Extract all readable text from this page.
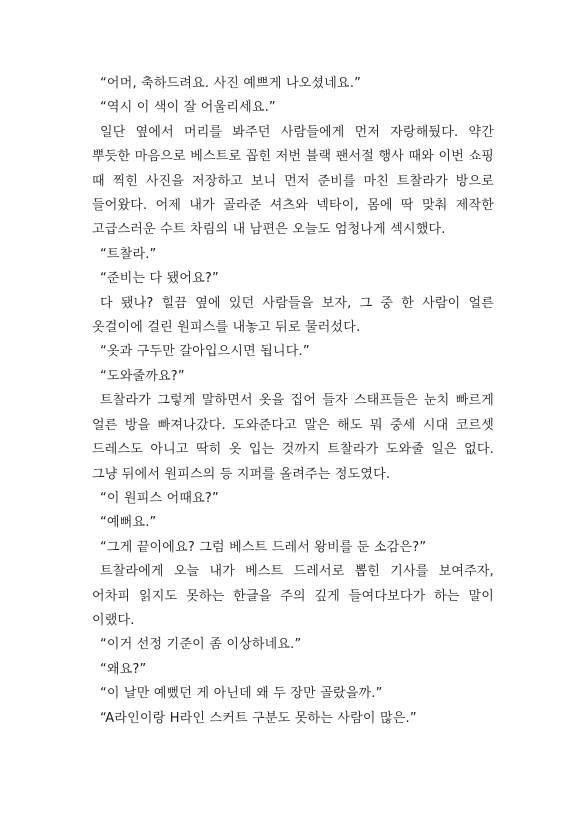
“어머, 축하드려요. 사진 예쁘게 나오셨네요.”

“역시 이 색이 잘 어울리세요.”

일단 옆에서 머리를 봐주던 사람들에게 먼저 자랑해뒀다. 약간 뿌듯한 마음으로 베스트로 꼽힌 저번 블랙 팬서절 행사 때와 이번 쇼핑 때 찍힌 사진을 저장하고 보니 먼저 준비를 마친 트찰라가 방으로 들어왔다. 어제 내가 골라준 셔츠와 넥타이, 몸에 딱 맞춰 제작한 고급스러운 수트 차림의 내 남편은 오늘도 엄청나게 섹시했다.

“트찰라.”

“준비는 다 됐어요?”

다 됐나? 힐끔 옆에 있던 사람들을 보자, 그 중 한 사람이 얼른 옷걸이에 걸린 원피스를 내놓고 뒤로 물러섰다.

“옷과 구두만 갈아입으시면 됩니다.”

“도와줄까요?”

트찰라가 그렇게 말하면서 옷을 집어 들자 스태프들은 눈치 빠르게 얼른 방을 빠져나갔다. 도와준다고 말은 해도 뭐 중세 시대 코르셋 드레스도 아니고 딱히 옷 입는 것까지 트찰라가 도와줄 일은 없다. 그냥 뒤에서 원피스의 등 지퍼를 올려주는 정도였다.

“이 원피스 어때요?”

“예뻐요.”

“그게 끝이에요? 그럼 베스트 드레서 왕비를 둔 소감은?”

트찰라에게 오늘 내가 베스트 드레서로 뽑힌 기사를 보여주자, 어차피 읽지도 못하는 한글을 주의 깊게 들여다보다가 하는 말이 이랬다.

“이거 선정 기준이 좀 이상하네요.”

“왜요?”

“이 날만 예뻤던 게 아닌데 왜 두 장만 골랐을까.”

“A라인이랑 H라인 스커트 구분도 못하는 사람이 많은.”
